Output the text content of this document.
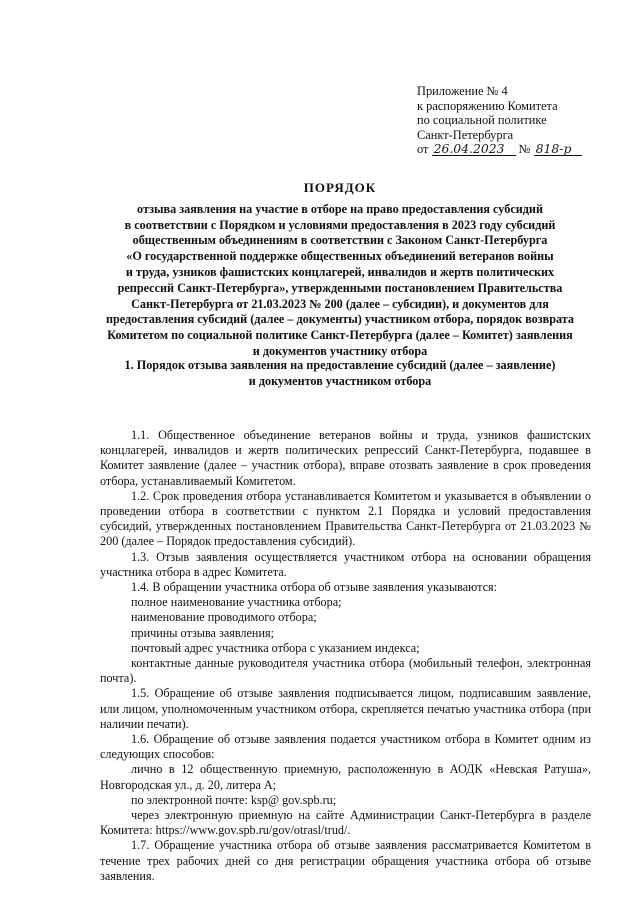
Приложение № 4
к распоряжению Комитета
по социальной политике
Санкт-Петербурга
от 26.04.2023 № 818-р
ПОРЯДОК
отзыва заявления на участие в отборе на право предоставления субсидий
в соответствии с Порядком и условиями предоставления в 2023 году субсидий
общественным объединениям в соответствии с Законом Санкт-Петербурга
«О государственной поддержке общественных объединений ветеранов войны
и труда, узников фашистских концлагерей, инвалидов и жертв политических
репрессий Санкт-Петербурга», утвержденными постановлением Правительства
Санкт-Петербурга от 21.03.2023 № 200 (далее – субсидии), и документов для
предоставления субсидий (далее – документы) участником отбора, порядок возврата
Комитетом по социальной политике Санкт-Петербурга (далее – Комитет) заявления
и документов участнику отбора
1. Порядок отзыва заявления на предоставление субсидий (далее – заявление)
и документов участником отбора

1.1. Общественное объединение ветеранов войны и труда, узников фашистских концлагерей, инвалидов и жертв политических репрессий Санкт-Петербурга, подавшее в Комитет заявление (далее – участник отбора), вправе отозвать заявление в срок проведения отбора, устанавливаемый Комитетом.

1.2. Срок проведения отбора устанавливается Комитетом и указывается в объявлении о проведении отбора в соответствии с пунктом 2.1 Порядка и условий предоставления субсидий, утвержденных постановлением Правительства Санкт-Петербурга от 21.03.2023 № 200 (далее – Порядок предоставления субсидий).

1.3. Отзыв заявления осуществляется участником отбора на основании обращения участника отбора в адрес Комитета.

1.4. В обращении участника отбора об отзыве заявления указываются:

полное наименование участника отбора;

наименование проводимого отбора;

причины отзыва заявления;

почтовый адрес участника отбора с указанием индекса;

контактные данные руководителя участника отбора (мобильный телефон, электронная почта).

1.5. Обращение об отзыве заявления подписывается лицом, подписавшим заявление, или лицом, уполномоченным участником отбора, скрепляется печатью участника отбора (при наличии печати).

1.6. Обращение об отзыве заявления подается участником отбора в Комитет одним из следующих способов:

лично в 12 общественную приемную, расположенную в АОДК «Невская Ратуша», Новгородская ул., д. 20, литера А;

по электронной почте: ksp@ gov.spb.ru;

через электронную приемную на сайте Администрации Санкт-Петербурга в разделе Комитета: https://www.gov.spb.ru/gov/otrasl/trud/.

1.7. Обращение участника отбора об отзыве заявления рассматривается Комитетом в течение трех рабочих дней со дня регистрации обращения участника отбора об отзыве заявления.
